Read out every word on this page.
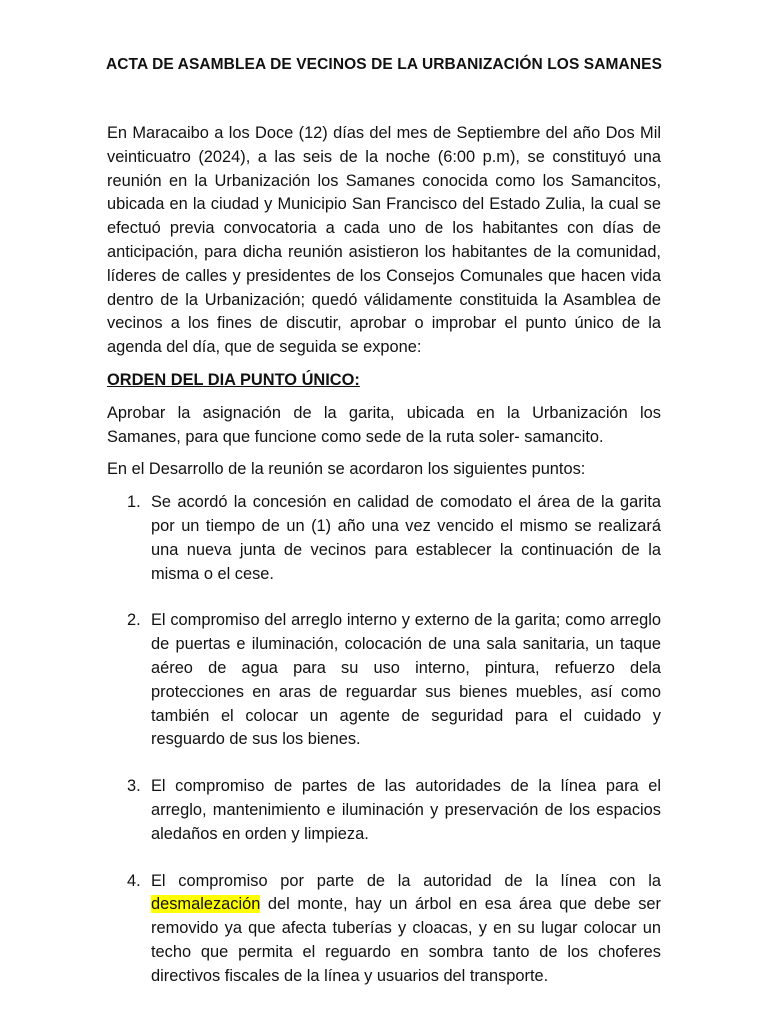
ACTA DE ASAMBLEA DE VECINOS DE LA URBANIZACIÓN LOS SAMANES

En Maracaibo a los Doce (12) días del mes de Septiembre del año Dos Mil veinticuatro (2024), a las seis de la noche (6:00 p.m), se constituyó una reunión en la Urbanización los Samanes conocida como los Samancitos, ubicada en la ciudad y Municipio San Francisco del Estado Zulia, la cual se efectuó previa convocatoria a cada uno de los habitantes con días de anticipación, para dicha reunión asistieron los habitantes de la comunidad, líderes de calles y presidentes de los Consejos Comunales que hacen vida dentro de la Urbanización; quedó válidamente constituida la Asamblea de vecinos a los fines de discutir, aprobar o improbar el punto único de la agenda del día, que de seguida se expone:

ORDEN DEL DIA PUNTO ÚNICO:

Aprobar la asignación de la garita, ubicada en la Urbanización los Samanes, para que funcione como sede de la ruta soler- samancito.

En el Desarrollo de la reunión se acordaron los siguientes puntos:

1. Se acordó la concesión en calidad de comodato el área de la garita por un tiempo de un (1) año una vez vencido el mismo se realizará una nueva junta de vecinos para establecer la continuación de la misma o el cese.
2. El compromiso del arreglo interno y externo de la garita; como arreglo de puertas e iluminación, colocación de una sala sanitaria, un taque aéreo de agua para su uso interno, pintura, refuerzo dela protecciones en aras de reguardar sus bienes muebles, así como también el colocar un agente de seguridad para el cuidado y resguardo de sus los bienes.
3. El compromiso de partes de las autoridades de la línea para el arreglo, mantenimiento e iluminación y preservación de los espacios aledaños en orden y limpieza.
4. El compromiso por parte de la autoridad de la línea con la desmalezación del monte, hay un árbol en esa área que debe ser removido ya que afecta tuberías y cloacas, y en su lugar colocar un techo que permita el reguardo en sombra tanto de los choferes directivos fiscales de la línea y usuarios del transporte.
